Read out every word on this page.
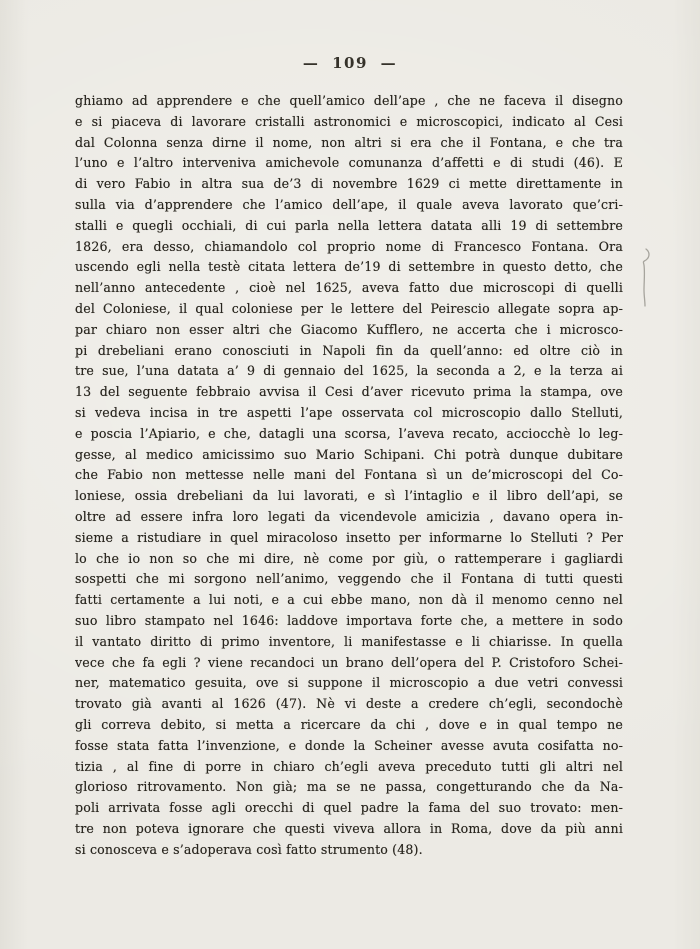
— 109 —
ghiamo ad apprendere e che quell’amico dell’ape , che ne faceva il disegno
e si piaceva di lavorare cristalli astronomici e microscopici, indicato al Cesi
dal Colonna senza dirne il nome, non altri si era che il Fontana, e che tra
l’uno e l’altro interveniva amichevole comunanza d’affetti e di studi (46). E
di vero Fabio in altra sua de’3 di novembre 1629 ci mette direttamente in
sulla via d’apprendere che l’amico dell’ape, il quale aveva lavorato que’cri-
stalli e quegli occhiali, di cui parla nella lettera datata alli 19 di settembre
1826, era desso, chiamandolo col proprio nome di Francesco Fontana. Ora
uscendo egli nella testè citata lettera de’19 di settembre in questo detto, che
nell’anno antecedente , cioè nel 1625, aveva fatto due microscopi di quelli
del Coloniese, il qual coloniese per le lettere del Peirescio allegate sopra ap-
par chiaro non esser altri che Giacomo Kufflero, ne accerta che i microsco-
pi drebeliani erano conosciuti in Napoli fin da quell’anno: ed oltre ciò in
tre sue, l’una datata a’ 9 di gennaio del 1625, la seconda a 2, e la terza ai
13 del seguente febbraio avvisa il Cesi d’aver ricevuto prima la stampa, ove
si vedeva incisa in tre aspetti l’ape osservata col microscopio dallo Stelluti,
e poscia l’Apiario, e che, datagli una scorsa, l’aveva recato, acciocchè lo leg-
gesse, al medico amicissimo suo Mario Schipani. Chi potrà dunque dubitare
che Fabio non mettesse nelle mani del Fontana sì un de’microscopi del Co-
loniese, ossia drebeliani da lui lavorati, e sì l’intaglio e il libro dell’api, se
oltre ad essere infra loro legati da vicendevole amicizia , davano opera in-
sieme a ristudiare in quel miracoloso insetto per informarne lo Stelluti ? Per
lo che io non so che mi dire, nè come por giù, o rattemperare i gagliardi
sospetti che mi sorgono nell’animo, veggendo che il Fontana di tutti questi
fatti certamente a lui noti, e a cui ebbe mano, non dà il menomo cenno nel
suo libro stampato nel 1646: laddove importava forte che, a mettere in sodo
il vantato diritto di primo inventore, li manifestasse e li chiarisse. In quella
vece che fa egli ? viene recandoci un brano dell’opera del P. Cristoforo Schei-
ner, matematico gesuita, ove si suppone il microscopio a due vetri convessi
trovato già avanti al 1626 (47). Nè vi deste a credere ch’egli, secondochè
gli correva debito, si metta a ricercare da chi , dove e in qual tempo ne
fosse stata fatta l’invenzione, e donde la Scheiner avesse avuta cosifatta no-
tizia , al fine di porre in chiaro ch’egli aveva preceduto tutti gli altri nel
glorioso ritrovamento. Non già; ma se ne passa, congetturando che da Na-
poli arrivata fosse agli orecchi di quel padre la fama del suo trovato: men-
tre non poteva ignorare che questi viveva allora in Roma, dove da più anni
si conosceva e s’adoperava così fatto strumento (48).
